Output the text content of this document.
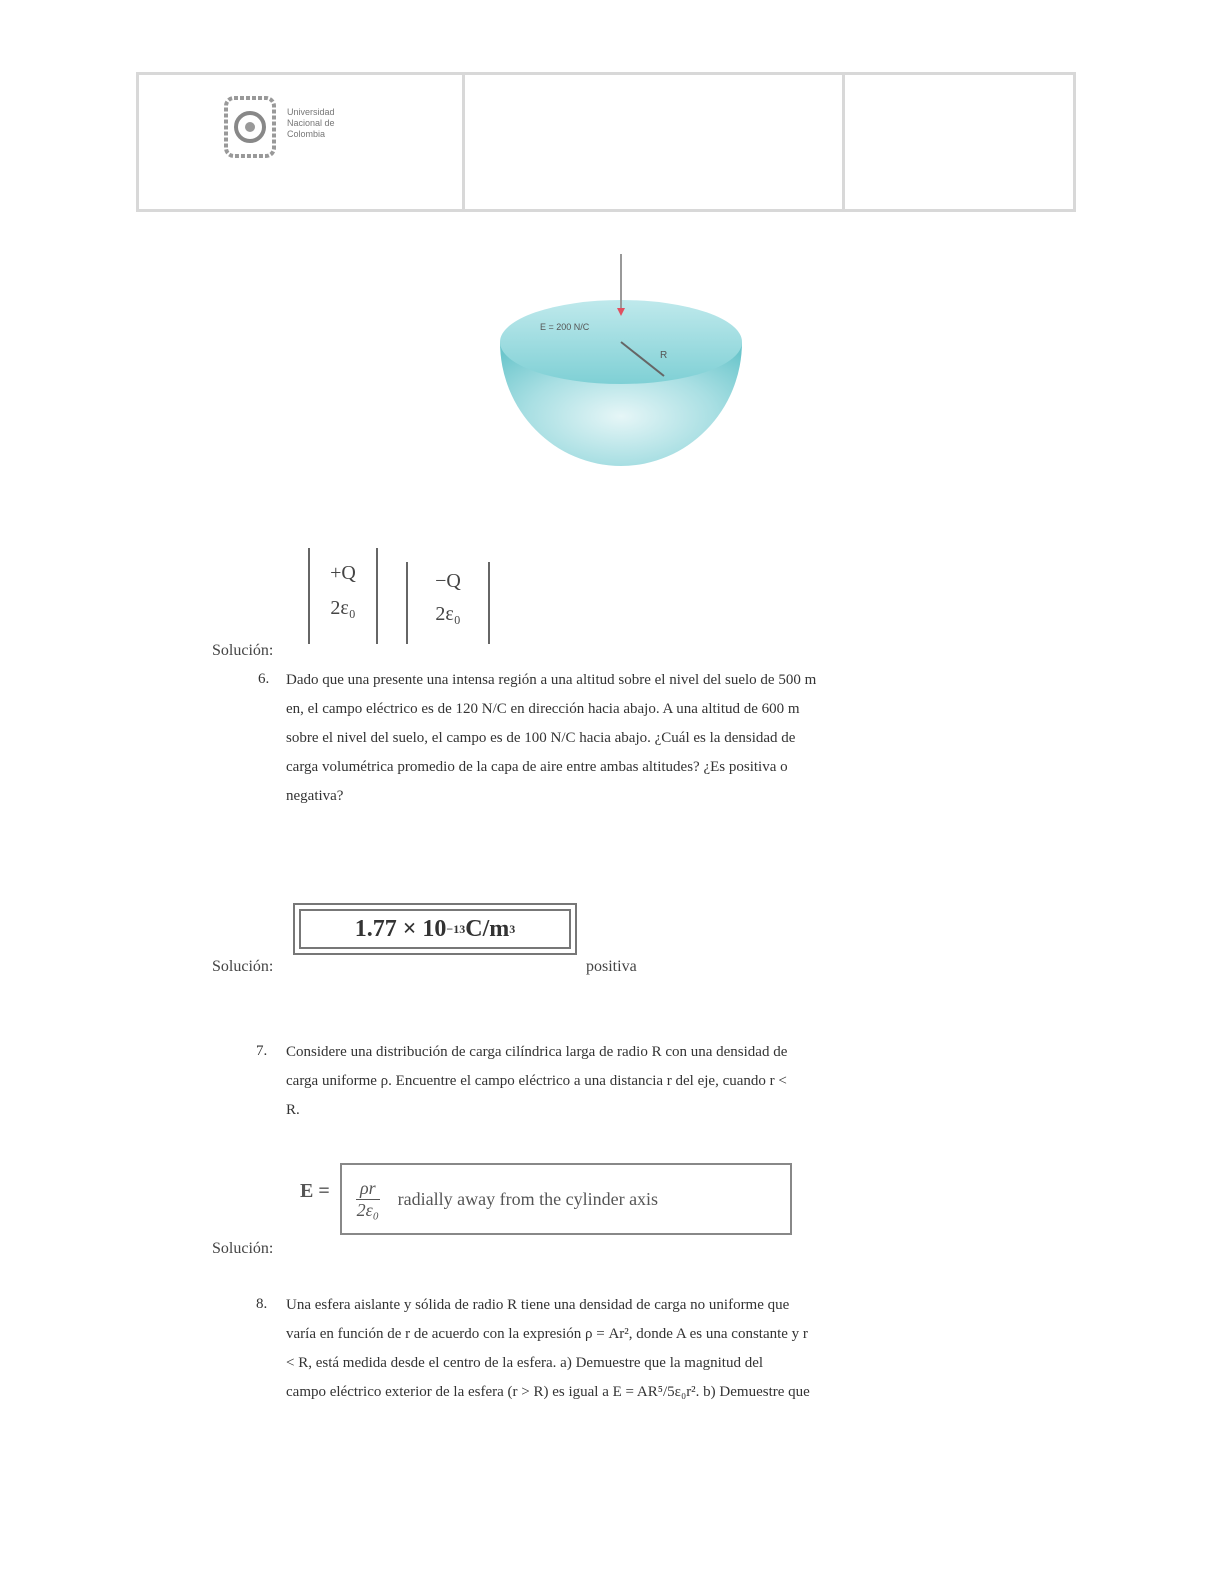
Universidad
Nacional de
Colombia
E = 200 N/C
R
+Q
2ε₀
−Q
2ε₀
Solución:
6. Dado que una presente una intensa región a una altitud sobre el nivel del suelo de 500 m
en, el campo eléctrico es de 120 N/C en dirección hacia abajo. A una altitud de 600 m
sobre el nivel del suelo, el campo es de 100 N/C hacia abajo. ¿Cuál es la densidad de
carga volumétrica promedio de la capa de aire entre ambas altitudes? ¿Es positiva o
negativa?
1.77 × 10 −13 C/m 3
Solución:	positiva
7. Considere una distribución de carga cilíndrica larga de radio R con una densidad de
carga uniforme ρ. Encuentre el campo eléctrico a una distancia r del eje, cuando r <
R.
$E = \frac{\rho r}{\text{2ε₀}}$ radially away from the cylinder axis
Solución:
8. Una esfera aislante y sólida de radio R tiene una densidad de carga no uniforme que
varía en función de r de acuerdo con la expresión ρ = Ar², donde A es una constante y r
< R, está medida desde el centro de la esfera. a) Demuestre que la magnitud del
campo eléctrico exterior de la esfera (r > R) es igual a E = AR⁵/5ε₀r². b) Demuestre que
